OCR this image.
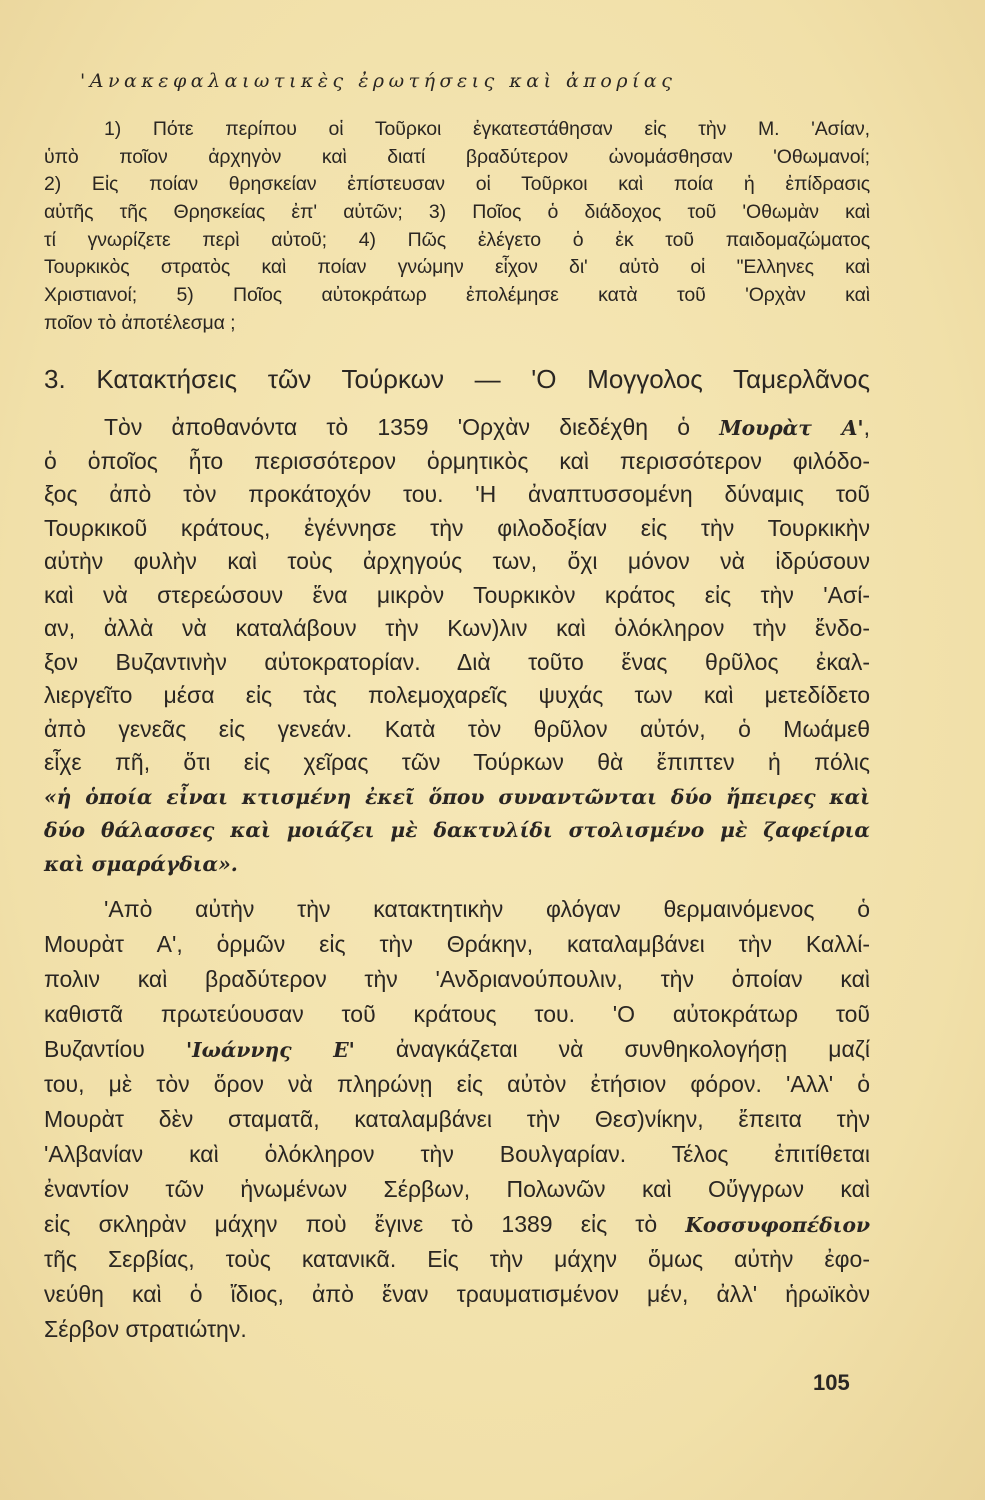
'Ανακεφαλαιωτικὲς ἐρωτήσεις καὶ ἀπορίας
1) Πότε περίπου οἱ Τοῦρκοι ἐγκατεστάθησαν εἰς τὴν Μ. 'Ασίαν,
ὑπὸ ποῖον ἀρχηγὸν καὶ διατί βραδύτερον ὠνομάσθησαν 'Οθωμανοί;
2) Εἰς ποίαν θρησκείαν ἐπίστευσαν οἱ Τοῦρκοι καὶ ποία ἡ ἐπίδρασις
αὐτῆς τῆς Θρησκείας ἐπ' αὐτῶν; 3) Ποῖος ὁ διάδοχος τοῦ 'Οθωμὰν καὶ
τί γνωρίζετε περὶ αὐτοῦ; 4) Πῶς ἐλέγετο ὁ ἐκ τοῦ παιδομαζώματος
Τουρκικὸς στρατὸς καὶ ποίαν γνώμην εἶχον δι' αὐτὸ οἱ "Ελληνες καὶ
Χριστιανοί; 5) Ποῖος αὐτοκράτωρ ἐπολέμησε κατὰ τοῦ 'Ορχὰν καὶ
ποῖον τὸ ἀποτέλεσμα ;
3. Κατακτήσεις τῶν Τούρκων — 'Ο Μογγολος Ταμερλᾶνος
Τὸν ἀποθανόντα τὸ 1359 'Ορχὰν διεδέχθη ὁ Μουρὰτ Α',
ὁ ὁποῖος ἦτο περισσότερον ὁρμητικὸς καὶ περισσότερον φιλόδο-
ξος ἀπὸ τὸν προκάτοχόν του. 'Η ἀναπτυσσομένη δύναμις τοῦ
Τουρκικοῦ κράτους, ἐγέννησε τὴν φιλοδοξίαν εἰς τὴν Τουρκικὴν
αὐτὴν φυλὴν καὶ τοὺς ἀρχηγούς των, ὄχι μόνον νὰ ἱδρύσουν
καὶ νὰ στερεώσουν ἕνα μικρὸν Τουρκικὸν κράτος εἰς τὴν 'Ασί-
αν, ἀλλὰ νὰ καταλάβουν τὴν Κων)λιν καὶ ὁλόκληρον τὴν ἔνδο-
ξον Βυζαντινὴν αὐτοκρατορίαν. Διὰ τοῦτο ἕνας θρῦλος ἐκαλ-
λιεργεῖτο μέσα εἰς τὰς πολεμοχαρεῖς ψυχάς των καὶ μετεδίδετο
ἀπὸ γενεᾶς εἰς γενεάν. Κατὰ τὸν θρῦλον αὐτόν, ὁ Μωάμεθ
εἶχε πῆ, ὅτι εἰς χεῖρας τῶν Τούρκων θὰ ἔπιπτεν ἡ πόλις
«ἡ ὁποία εἶναι κτισμένη ἐκεῖ ὅπου συναντῶνται δύο ἤπειρες καὶ
δύο θάλασσες καὶ μοιάζει μὲ δακτυλίδι στολισμένο μὲ ζαφείρια
καὶ σμαράγδια».
'Απὸ αὐτὴν τὴν κατακτητικὴν φλόγαν θερμαινόμενος ὁ
Μουρὰτ Α', ὁρμῶν εἰς τὴν Θράκην, καταλαμβάνει τὴν Καλλί-
πολιν καὶ βραδύτερον τὴν 'Ανδριανούπουλιν, τὴν ὁποίαν καὶ
καθιστᾶ πρωτεύουσαν τοῦ κράτους του. 'Ο αὐτοκράτωρ τοῦ
Βυζαντίου 'Ιωάννης Ε' ἀναγκάζεται νὰ συνθηκολογήσῃ μαζί
του, μὲ τὸν ὅρον νὰ πληρώνῃ εἰς αὐτὸν ἐτήσιον φόρον. 'Αλλ' ὁ
Μουρὰτ δὲν σταματᾶ, καταλαμβάνει τὴν Θεσ)νίκην, ἔπειτα τὴν
'Αλβανίαν καὶ ὁλόκληρον τὴν Βουλγαρίαν. Τέλος ἐπιτίθεται
ἐναντίον τῶν ἡνωμένων Σέρβων, Πολωνῶν καὶ Οὔγγρων καὶ
εἰς σκληρὰν μάχην ποὺ ἔγινε τὸ 1389 εἰς τὸ Κοσσυφοπέδιον
τῆς Σερβίας, τοὺς κατανικᾶ. Εἰς τὴν μάχην ὅμως αὐτὴν ἐφο-
νεύθη καὶ ὁ ἴδιος, ἀπὸ ἕναν τραυματισμένον μέν, ἀλλ' ἡρωϊκὸν
Σέρβον στρατιώτην.
105
